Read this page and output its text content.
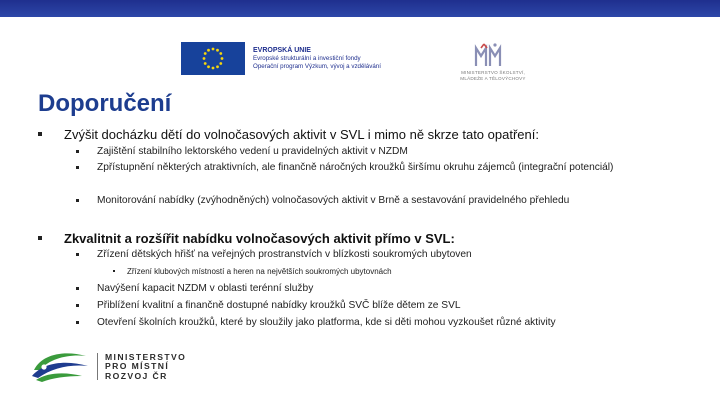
EVROPSKÁ UNIE
Evropské strukturální a investiční fondy
Operační program Výzkum, vývoj a vzdělávání
MINISTERSTVO ŠKOLSTVÍ,
MLÁDEŽE A TĚLOVÝCHOVY
Doporučení
Zvýšit docházku dětí do volnočasových aktivit v SVL i mimo ně skrze tato opatření:
Zajištění stabilního lektorského vedení u pravidelných aktivit v NZDM
Zpřístupnění některých atraktivních, ale finančně náročných kroužků širšímu okruhu zájemců (integrační potenciál)
Monitorování nabídky (zvýhodněných) volnočasových aktivit v Brně a sestavování pravidelného přehledu
Zkvalitnit a rozšířit nabídku volnočasových aktivit přímo v SVL:
Zřízení dětských hřišť na veřejných prostranstvích v blízkosti soukromých ubytoven
Zřízení klubových místností a heren na největších soukromých ubytovnách
Navýšení kapacit NZDM v oblasti terénní služby
Přiblížení kvalitní a finančně dostupné nabídky kroužků SVČ blíže dětem ze SVL
Otevření školních kroužků, které by sloužily jako platforma, kde si děti mohou vyzkoušet různé aktivity
MINISTERSTVO
PRO MÍSTNÍ
ROZVOJ ČR
